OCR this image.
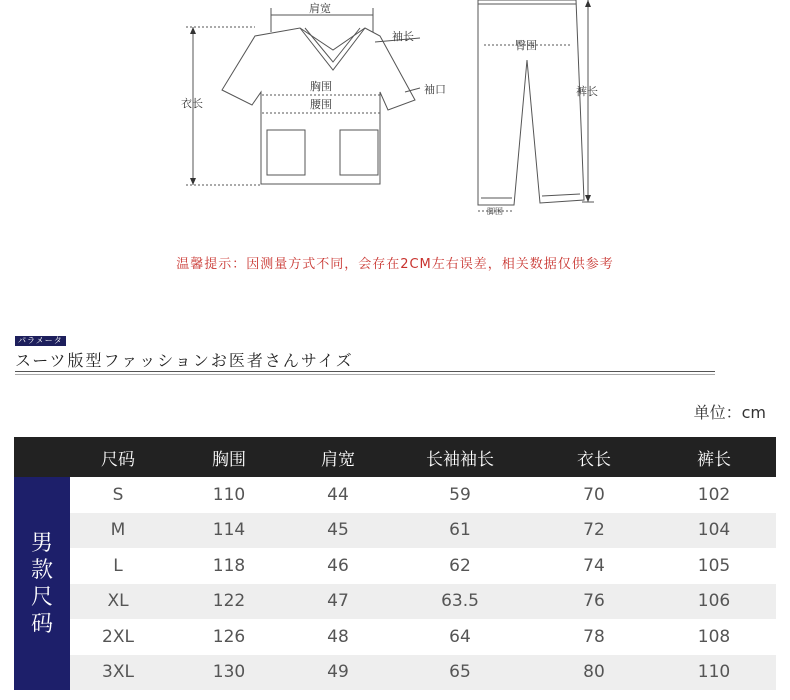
肩宽
袖长
袖口
胸围
腰围
衣长
臀围
裤长
脚围
温馨提示：因测量方式不同，会存在2CM左右误差，相关数据仅供参考
パラメータ
スーツ版型ファッションお医者さんサイズ
单位：cm
尺码	胸围	肩宽	长袖袖长	衣长	裤长
男款尺码
S	110	44	59	70	102
M	114	45	61	72	104
L	118	46	62	74	105
XL	122	47	63.5	76	106
2XL	126	48	64	78	108
3XL	130	49	65	80	110
